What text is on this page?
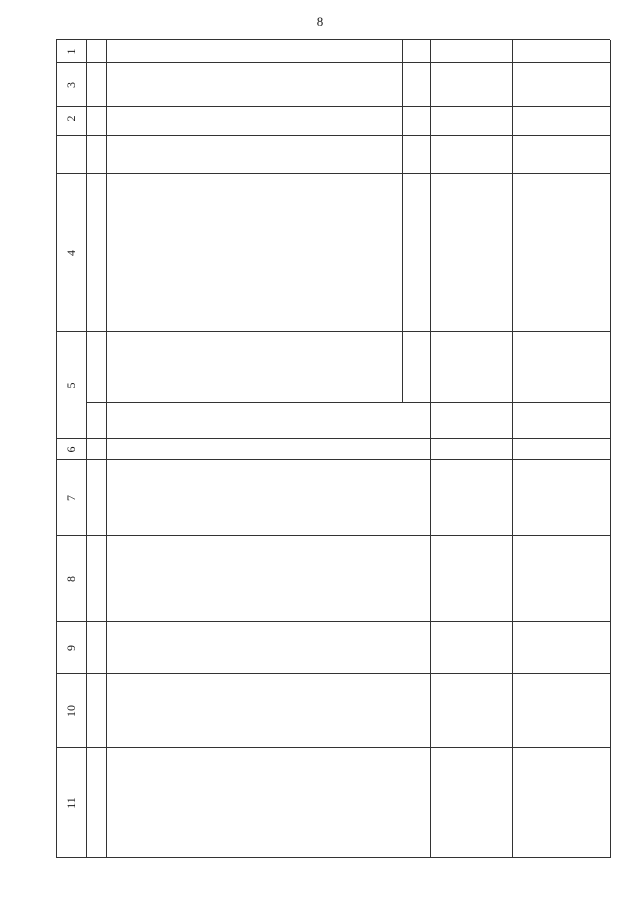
8
1
2
3
4
5
6
7
8
9
10
11
